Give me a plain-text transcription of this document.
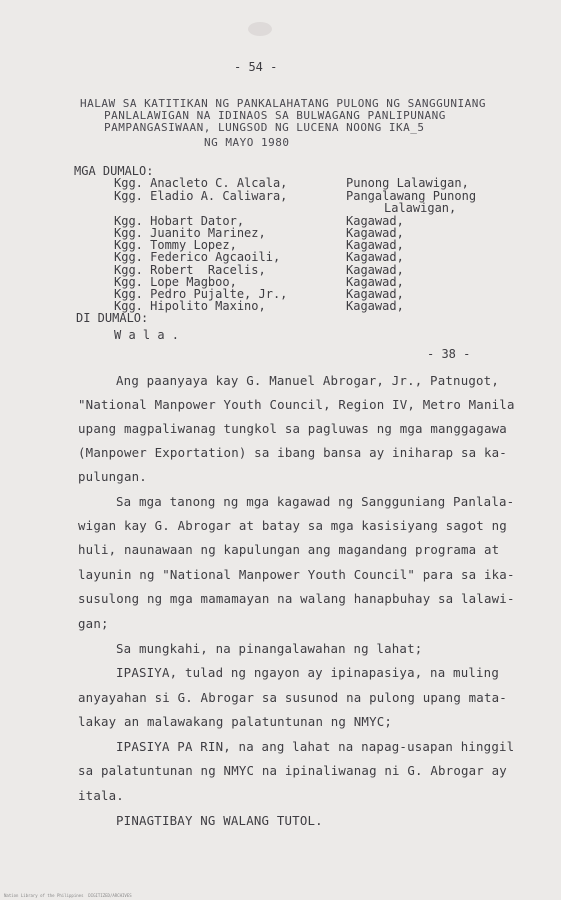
- 54 -
HALAW SA KATITIKAN NG PANKALAHATANG PULONG NG SANGGUNIANG
PANLALAWIGAN NA IDINAOS SA BULWAGANG PANLIPUNANG
PAMPANGASIWAAN, LUNGSOD NG LUCENA NOONG IKA_5
NG MAYO 1980
MGA DUMALO:
Kgg. Anacleto C. Alcala,	Punong Lalawigan,
Kgg. Eladio A. Caliwara,	Pangalawang Punong
Lalawigan,
Kgg. Hobart Dator,	Kagawad,
Kgg. Juanito Marinez,	Kagawad,
Kgg. Tommy Lopez,	Kagawad,
Kgg. Federico Agcaoili,	Kagawad,
Kgg. Robert  Racelis,	Kagawad,
Kgg. Lope Magboo,	Kagawad,
Kgg. Pedro Pujalte, Jr.,	Kagawad,
Kgg. Hipolito Maxino,	Kagawad,
DI DUMALO:
W a l a .
- 38 -
Ang paanyaya kay G. Manuel Abrogar, Jr., Patnugot,
"National Manpower Youth Council, Region IV, Metro Manila
upang magpaliwanag tungkol sa pagluwas ng mga manggagawa
(Manpower Exportation) sa ibang bansa ay iniharap sa ka-
pulungan.
Sa mga tanong ng mga kagawad ng Sangguniang Panlala-
wigan kay G. Abrogar at batay sa mga kasisiyang sagot ng
huli, naunawaan ng kapulungan ang magandang programa at
layunin ng "National Manpower Youth Council" para sa ika-
susulong ng mga mamamayan na walang hanapbuhay sa lalawi-
gan;
Sa mungkahi, na pinangalawahan ng lahat;
IPASIYA, tulad ng ngayon ay ipinapasiya, na muling
anyayahan si G. Abrogar sa susunod na pulong upang mata-
lakay an malawakang palatuntunan ng NMYC;
IPASIYA PA RIN, na ang lahat na napag-usapan hinggil
sa palatuntunan ng NMYC na ipinaliwanag ni G. Abrogar ay
itala.
PINAGTIBAY NG WALANG TUTOL.
Nation Library of the Philippines  DIGITIZED/ARCHIVES
